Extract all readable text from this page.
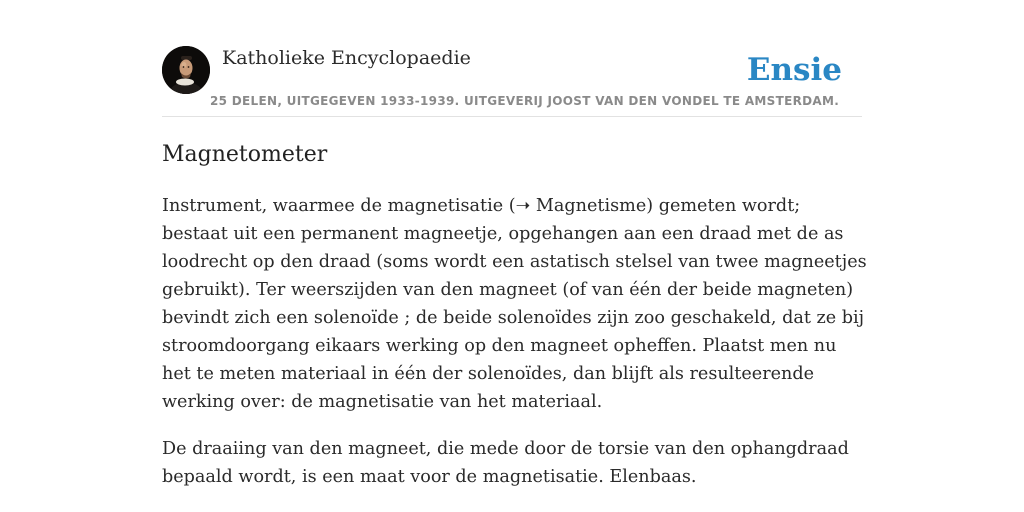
Katholieke Encyclopaedie
25 DELEN, UITGEGEVEN 1933-1939. UITGEVERIJ JOOST VAN DEN VONDEL TE AMSTERDAM.
Ensie
Magnetometer

Instrument, waarmee de magnetisatie (➝ Magnetisme) gemeten wordt; bestaat uit een permanent magneetje, opgehangen aan een draad met de as loodrecht op den draad (soms wordt een astatisch stelsel van twee magneetjes gebruikt). Ter weerszijden van den magneet (of van één der beide magneten) bevindt zich een solenoïde ; de beide solenoïdes zijn zoo geschakeld, dat ze bij stroomdoorgang eikaars werking op den magneet opheffen. Plaatst men nu het te meten materiaal in één der solenoïdes, dan blijft als resulteerende werking over: de magnetisatie van het materiaal.

De draaiing van den magneet, die mede door de torsie van den ophangdraad bepaald wordt, is een maat voor de magnetisatie. Elenbaas.
